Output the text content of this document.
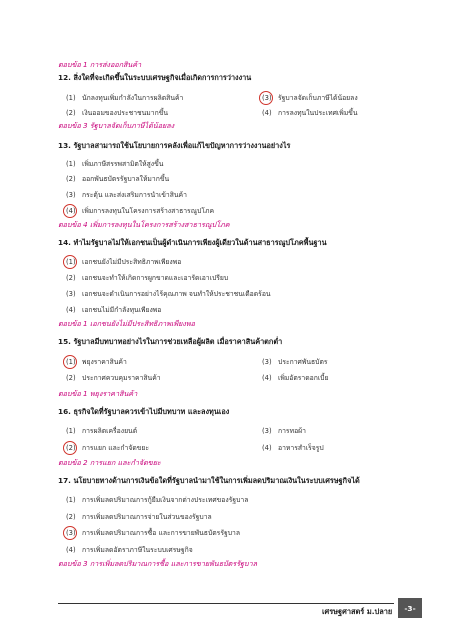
ตอบข้อ 1 การส่งออกสินค้า
12. สิ่งใดที่จะเกิดขึ้นในระบบเศรษฐกิจเมื่อเกิดการการว่างงาน
(1) นักลงทุนเพิ่มกำลังในการผลิตสินค้า	(3) รัฐบาลจัดเก็บภาษีได้น้อยลง
(2) เงินออมของประชาชนมากขึ้น	(4) การลงทุนในประเทศเพิ่มขึ้น
ตอบข้อ 3 รัฐบาลจัดเก็บภาษีได้น้อยลง
13. รัฐบาลสามารถใช้นโยบายการคลังเพื่อแก้ไขปัญหาการว่างงานอย่างไร
(1) เพิ่มภาษีสรรพสามิตให้สูงขึ้น
(2) ออกพันธบัตรรัฐบาลให้มากขึ้น
(3) กระตุ้น และส่งเสริมการนำเข้าสินค้า
(4) เพิ่มการลงทุนในโครงการสร้างสาธารณูปโภค
ตอบข้อ 4 เพิ่มการลงทุนในโครงการสร้างสาธารณูปโภค
14. ทำไมรัฐบาลไม่ให้เอกชนเป็นผู้ดำเนินการเพียงผู้เดียวในด้านสาธารณูปโภคพื้นฐาน
(1) เอกชนยังไม่มีประสิทธิภาพเพียงพอ
(2) เอกชนจะทำให้เกิดการผูกขาดและเอารัดเอาเปรียบ
(3) เอกชนจะดำเนินการอย่างไร้คุณภาพ จนทำให้ประชาชนเดือดร้อน
(4) เอกชนไม่มีกำลังทุนเพียงพอ
ตอบข้อ 1 เอกชนยังไม่มีประสิทธิภาพเพียงพอ
15. รัฐบาลมีบทบาทอย่างไรในการช่วยเหลือผู้ผลิต เมื่อราคาสินค้าตกต่ำ
(1) พยุงราคาสินค้า	(3) ประกาศพันธบัตร
(2) ประกาศควบคุมราคาสินค้า	(4) เพิ่มอัตราดอกเบี้ย
ตอบข้อ 1 พยุงราคาสินค้า
16. ธุรกิจใดที่รัฐบาลควรเข้าไปมีบทบาท และลงทุนเอง
(1) การผลิตเครื่องยนต์	(3) การทอผ้า
(2) การแยก และกำจัดขยะ	(4) อาหารสำเร็จรูป
ตอบข้อ 2 การแยก และกำจัดขยะ
17. นโยบายทางด้านการเงินข้อใดที่รัฐบาลนำมาใช้ในการเพิ่มลดปริมาณเงินในระบบเศรษฐกิจได้
(1) การเพิ่มลดปริมาณการกู้ยืมเงินจากต่างประเทศของรัฐบาล
(2) การเพิ่มลดปริมาณการจ่ายในส่วนของรัฐบาล
(3) การเพิ่มลดปริมาณการซื้อ และการขายพันธบัตรรัฐบาล
(4) การเพิ่มลดอัตราภาษีในระบบเศรษฐกิจ
ตอบข้อ 3 การเพิ่มลดปริมาณการซื้อ และการขายพันธบัตรรัฐบาล
เศรษฐศาสตร์ ม.ปลาย	-3-
